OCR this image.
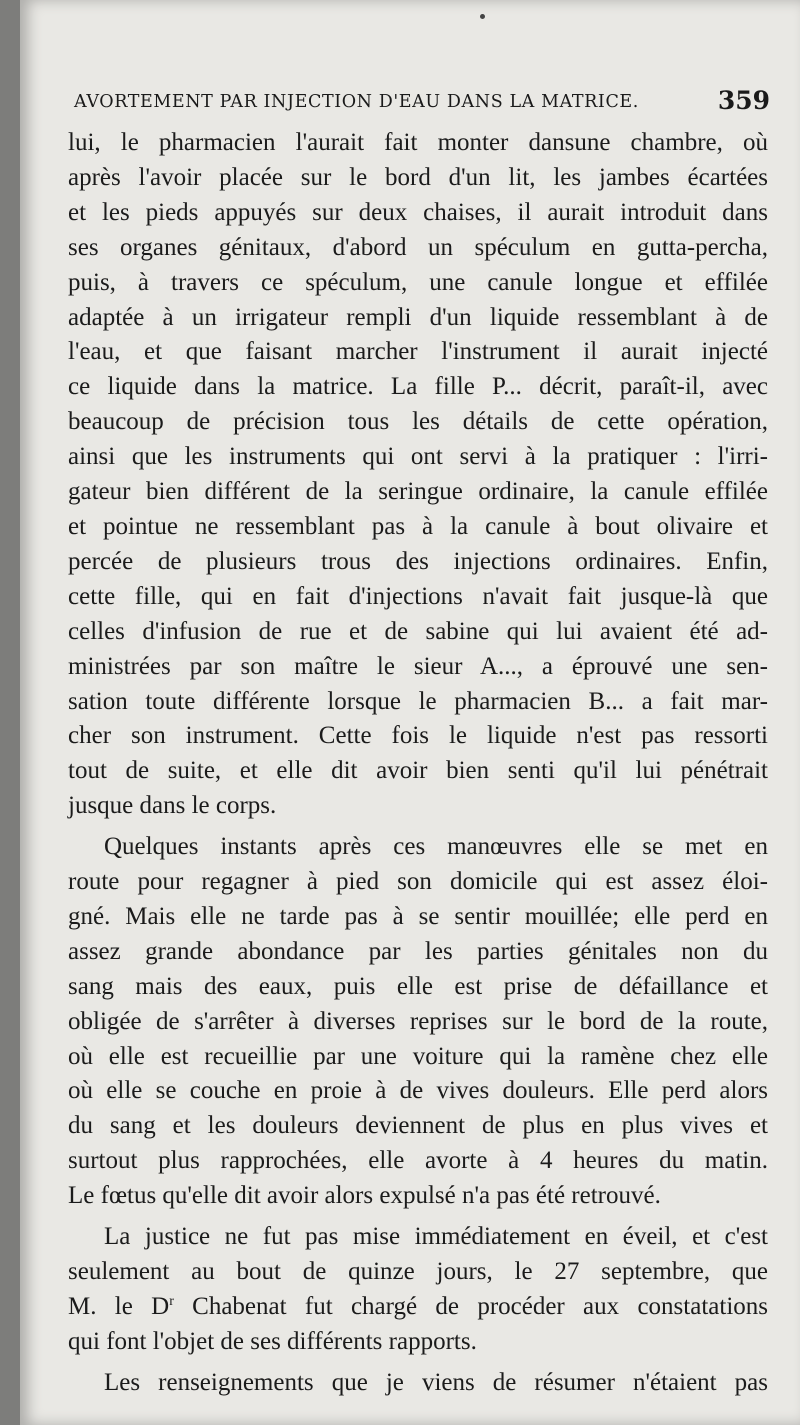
AVORTEMENT PAR INJECTION D'EAU DANS LA MATRICE.	359
lui, le pharmacien l'aurait fait monter dansune chambre, où
après l'avoir placée sur le bord d'un lit, les jambes écartées
et les pieds appuyés sur deux chaises, il aurait introduit dans
ses organes génitaux, d'abord un spéculum en gutta-percha,
puis, à travers ce spéculum, une canule longue et effilée
adaptée à un irrigateur rempli d'un liquide ressemblant à de
l'eau, et que faisant marcher l'instrument il aurait injecté
ce liquide dans la matrice. La fille P... décrit, paraît-il, avec
beaucoup de précision tous les détails de cette opération,
ainsi que les instruments qui ont servi à la pratiquer : l'irri-
gateur bien différent de la seringue ordinaire, la canule effilée
et pointue ne ressemblant pas à la canule à bout olivaire et
percée de plusieurs trous des injections ordinaires. Enfin,
cette fille, qui en fait d'injections n'avait fait jusque-là que
celles d'infusion de rue et de sabine qui lui avaient été ad-
ministrées par son maître le sieur A..., a éprouvé une sen-
sation toute différente lorsque le pharmacien B... a fait mar-
cher son instrument. Cette fois le liquide n'est pas ressorti
tout de suite, et elle dit avoir bien senti qu'il lui pénétrait
jusque dans le corps.
Quelques instants après ces manœuvres elle se met en
route pour regagner à pied son domicile qui est assez éloi-
gné. Mais elle ne tarde pas à se sentir mouillée; elle perd en
assez grande abondance par les parties génitales non du
sang mais des eaux, puis elle est prise de défaillance et
obligée de s'arrêter à diverses reprises sur le bord de la route,
où elle est recueillie par une voiture qui la ramène chez elle
où elle se couche en proie à de vives douleurs. Elle perd alors
du sang et les douleurs deviennent de plus en plus vives et
surtout plus rapprochées, elle avorte à 4 heures du matin.
Le fœtus qu'elle dit avoir alors expulsé n'a pas été retrouvé.
La justice ne fut pas mise immédiatement en éveil, et c'est
seulement au bout de quinze jours, le 27 septembre, que
M. le $D^r$ Chabenat fut chargé de procéder aux constatations
qui font l'objet de ses différents rapports.
Les renseignements que je viens de résumer n'étaient pas
